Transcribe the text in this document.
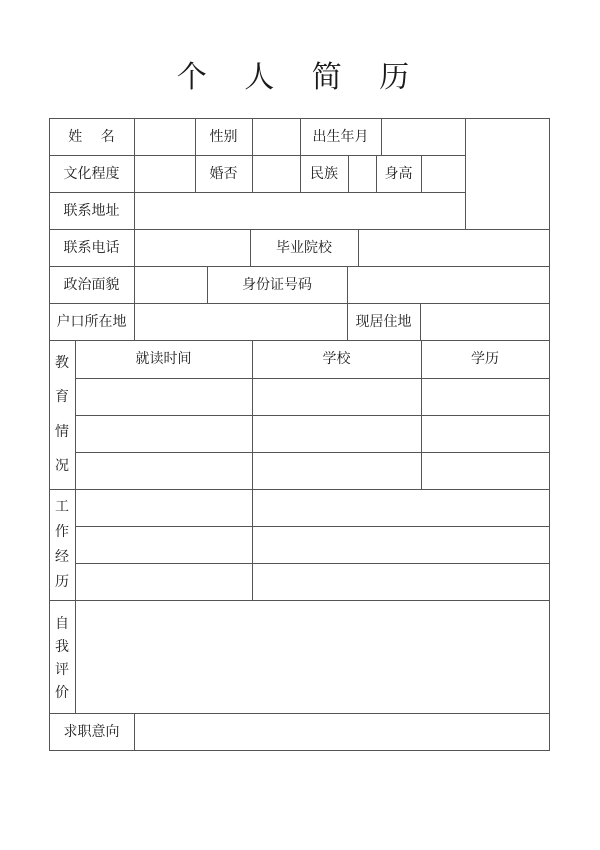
个 人 简 历
姓　 名	性别	出生年月
文化程度	婚否	民族	身高
联系地址
联系电话	毕业院校
政治面貌	身份证号码
户口所在地	现居住地
教
育
情
况
就读时间	学校	学历
工
作
经
历
自
我
评
价
求职意向
